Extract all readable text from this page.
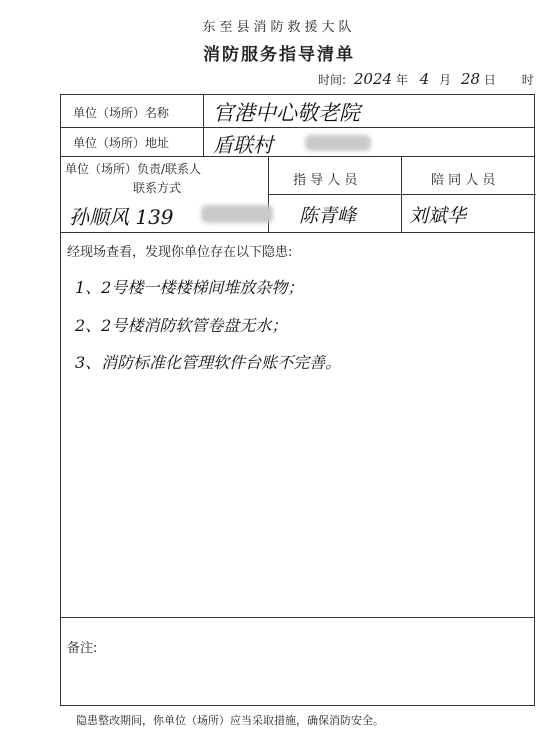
东至县消防救援大队
消防服务指导清单
时间: 2024 年 4 月 28 日 时
单位（场所）名称 官港中心敬老院
单位（场所）地址 盾联村
单位（场所）负责/联系人
联系方式	指 导 人 员	陪 同 人 员
孙顺风 139	陈青峰	刘斌华
经现场查看，发现你单位存在以下隐患:
1、2号楼一楼楼梯间堆放杂物；
2、2号楼消防软管卷盘无水；
3、消防标准化管理软件台账不完善。
备注:
隐患整改期间，你单位（场所）应当采取措施，确保消防安全。
